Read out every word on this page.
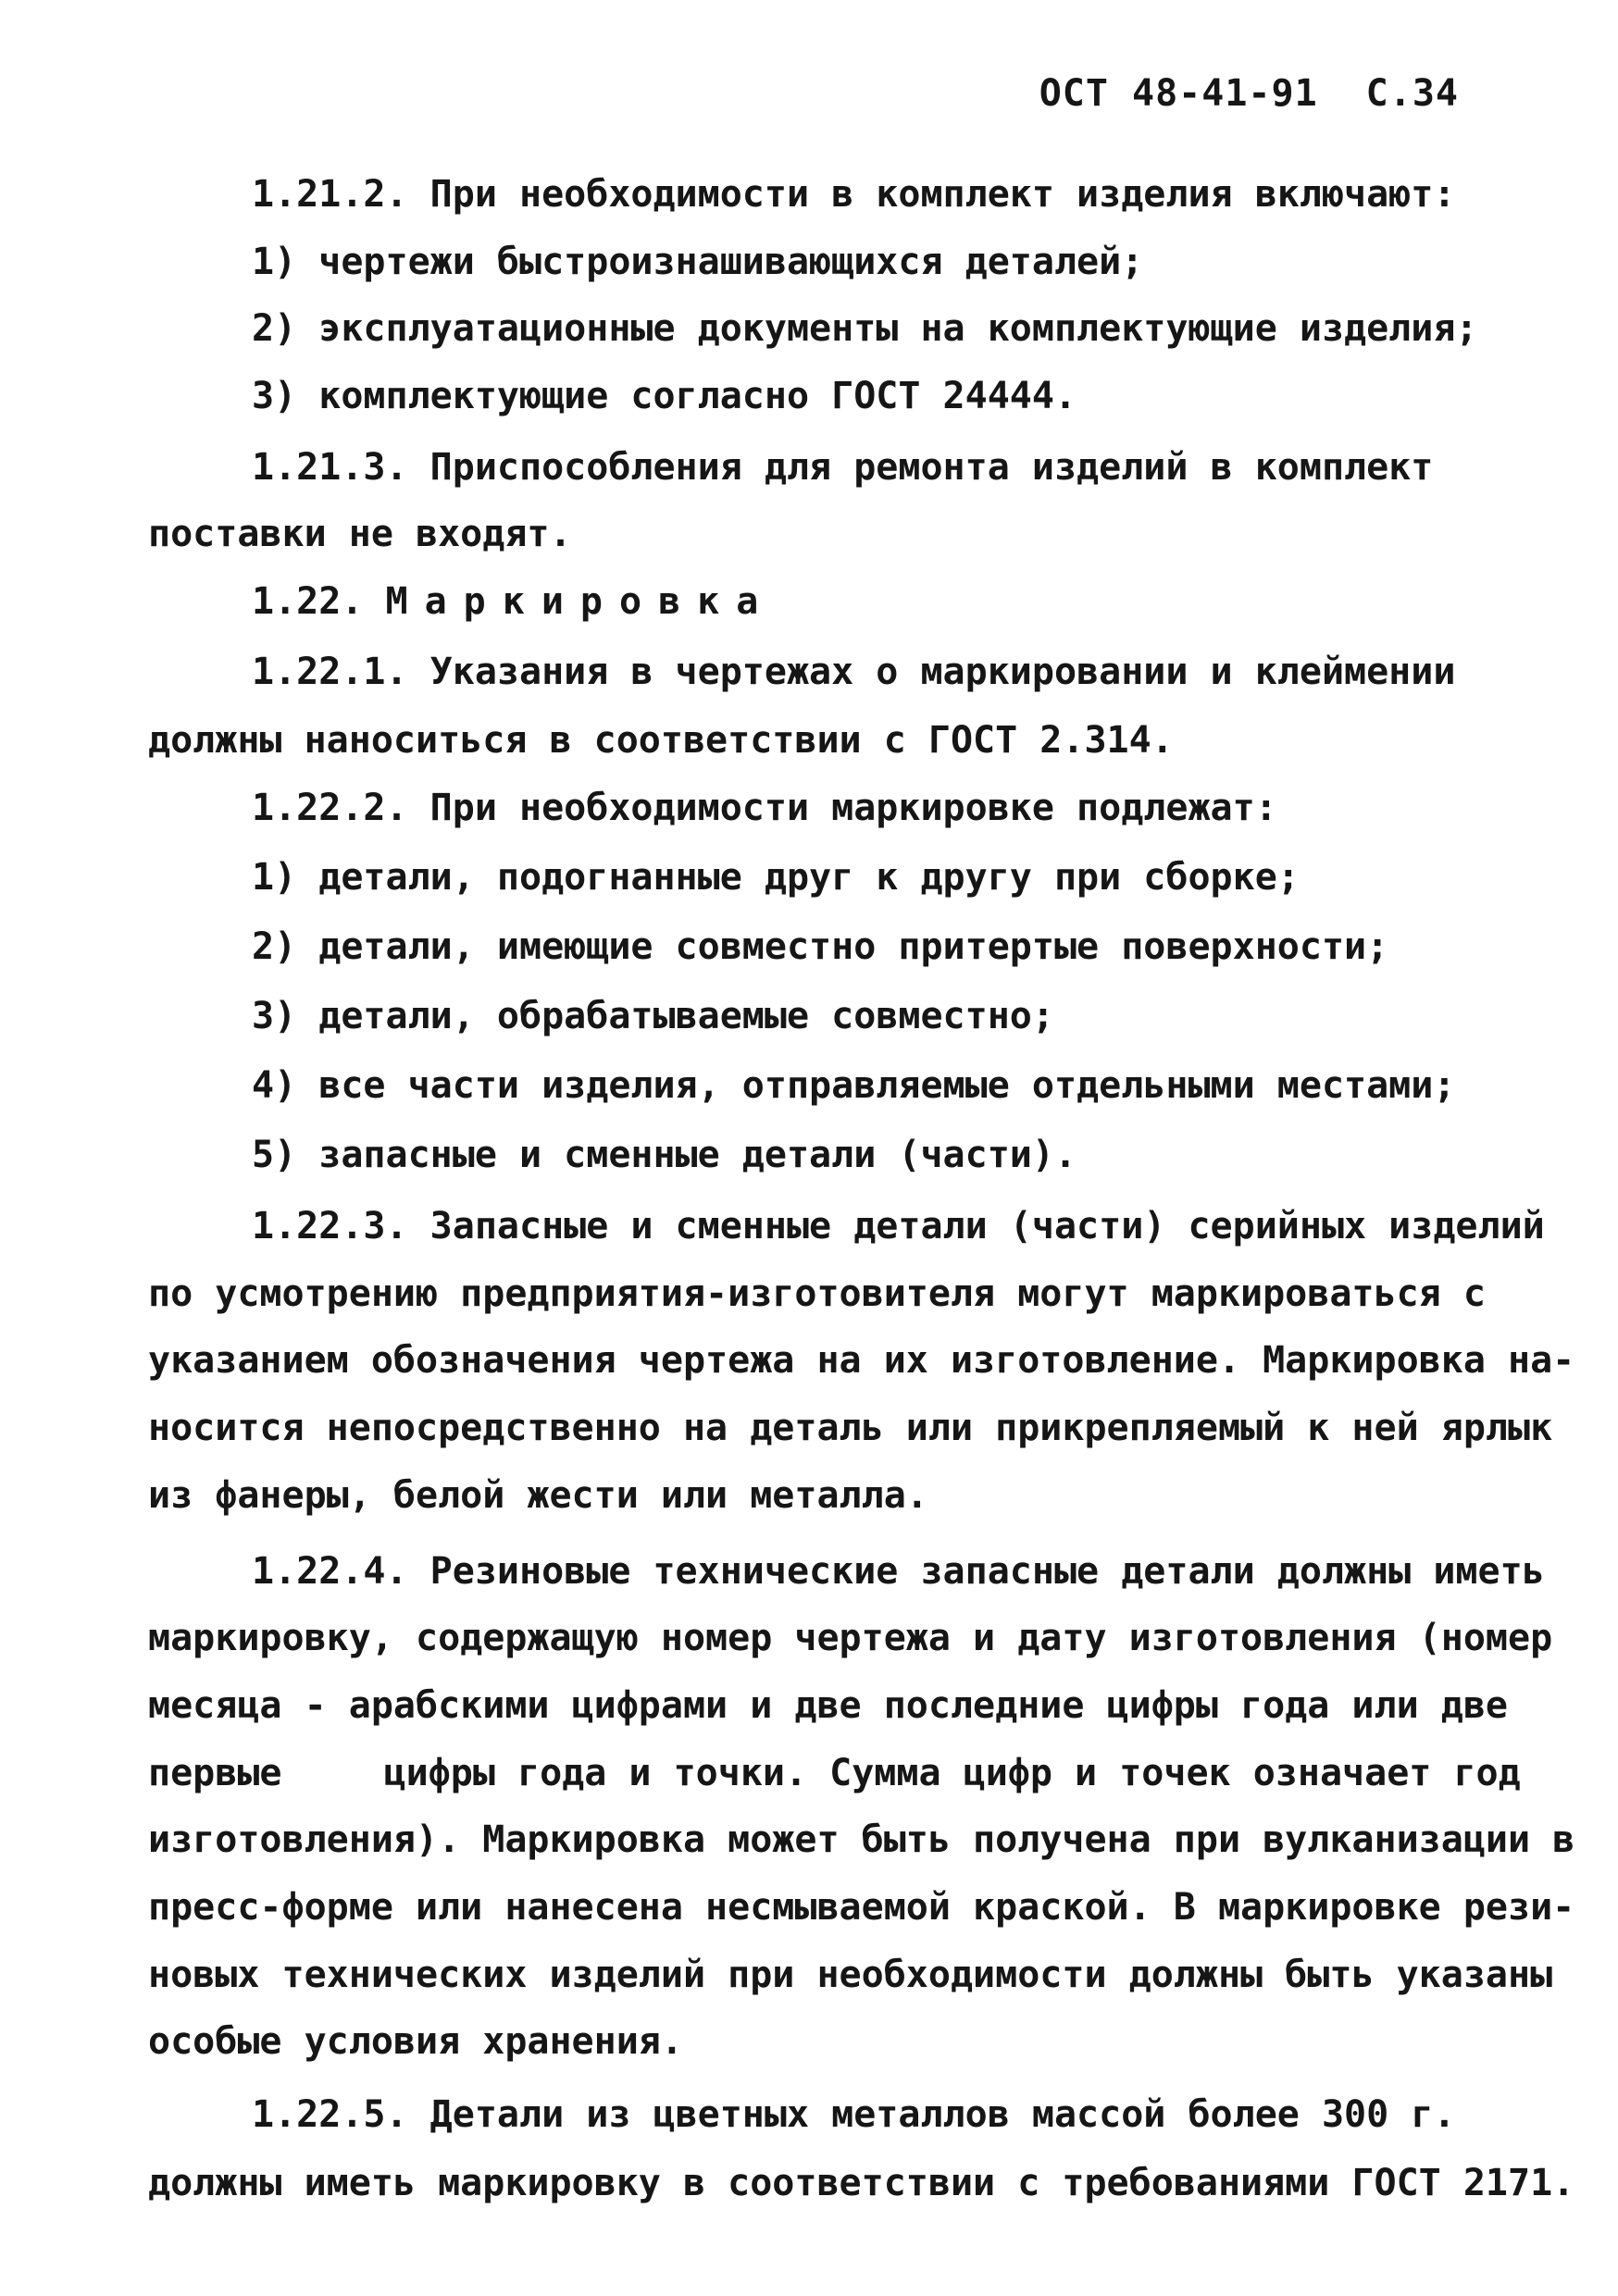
ОСТ 48-41-91 С.34
1.21.2. При необходимости в комплект изделия включают:
1) чертежи быстроизнашивающихся деталей;
2) эксплуатационные документы на комплектующие изделия;
3) комплектующие согласно ГОСТ 24444.
1.21.3. Приспособления для ремонта изделий в комплект
поставки не входят.
1.22. Маркировка
1.22.1. Указания в чертежах о маркировании и клеймении
должны наноситься в соответствии с ГОСТ 2.314.
1.22.2. При необходимости маркировке подлежат:
1) детали, подогнанные друг к другу при сборке;
2) детали, имеющие совместно притертые поверхности;
3) детали, обрабатываемые совместно;
4) все части изделия, отправляемые отдельными местами;
5) запасные и сменные детали (части).
1.22.3. Запасные и сменные детали (части) серийных изделий
по усмотрению предприятия-изготовителя могут маркироваться с
указанием обозначения чертежа на их изготовление. Маркировка на-
носится непосредственно на деталь или прикрепляемый к ней ярлык
из фанеры, белой жести или металла.
1.22.4. Резиновые технические запасные детали должны иметь
маркировку, содержащую номер чертежа и дату изготовления (номер
месяца - арабскими цифрами и две последние цифры года или две
первые	цифры года и точки. Сумма цифр и точек означает год
изготовления). Маркировка может быть получена при вулканизации в
пресс-форме или нанесена несмываемой краской. В маркировке рези-
новых технических изделий при необходимости должны быть указаны
особые условия хранения.
1.22.5. Детали из цветных металлов массой более 300 г.
должны иметь маркировку в соответствии с требованиями ГОСТ 2171.
